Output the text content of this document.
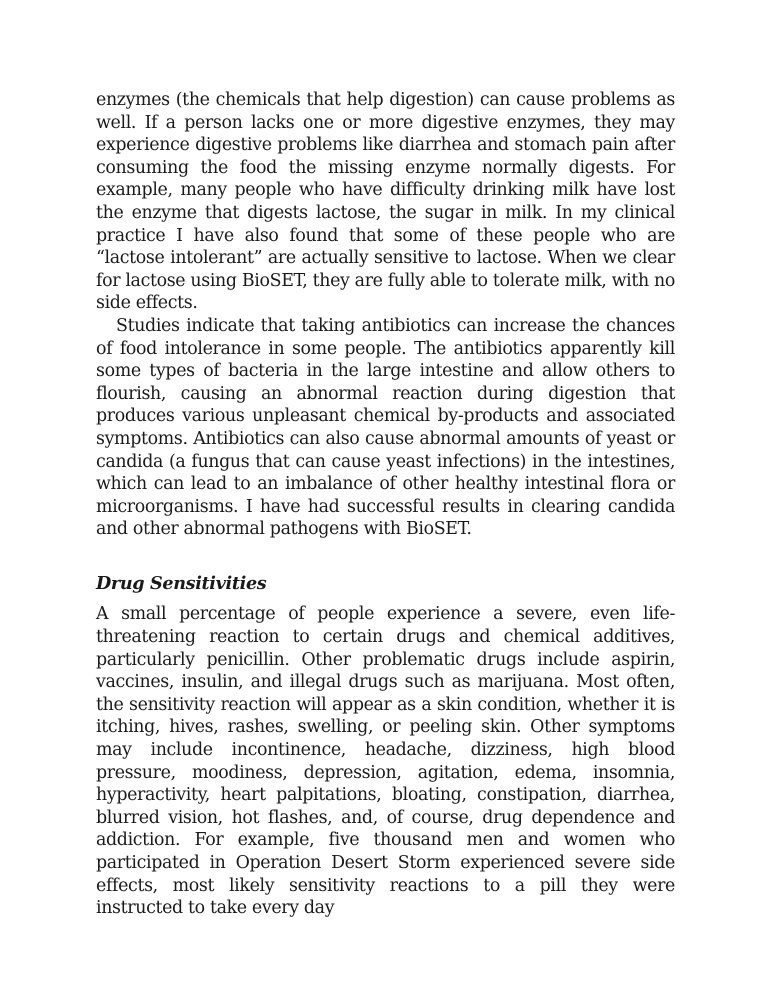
enzymes (the chemicals that help digestion) can cause problems as well. If a person lacks one or more digestive enzymes, they may experience digestive problems like diarrhea and stomach pain after consuming the food the missing enzyme normally digests. For example, many people who have difficulty drinking milk have lost the enzyme that digests lactose, the sugar in milk. In my clinical practice I have also found that some of these people who are “lactose intolerant” are actually sensitive to lactose. When we clear for lactose using BioSET, they are fully able to tolerate milk, with no side effects.

Studies indicate that taking antibiotics can increase the chances of food intolerance in some people. The antibiotics apparently kill some types of bacteria in the large intestine and allow others to flourish, causing an abnormal reaction during digestion that produces various unpleasant chemical by-products and associated symptoms. Antibiotics can also cause abnormal amounts of yeast or candida (a fungus that can cause yeast infections) in the intestines, which can lead to an imbalance of other healthy intestinal flora or microorganisms. I have had successful results in clearing candida and other abnormal pathogens with BioSET.

Drug Sensitivities

A small percentage of people experience a severe, even life-threatening reaction to certain drugs and chemical additives, particularly penicillin. Other problematic drugs include aspirin, vaccines, insulin, and illegal drugs such as marijuana. Most often, the sensitivity reaction will appear as a skin condition, whether it is itching, hives, rashes, swelling, or peeling skin. Other symptoms may include incontinence, headache, dizziness, high blood pressure, moodiness, depression, agitation, edema, insomnia, hyperactivity, heart palpitations, bloating, constipation, diarrhea, blurred vision, hot flashes, and, of course, drug dependence and addiction. For example, five thousand men and women who participated in Operation Desert Storm experienced severe side effects, most likely sensitivity reactions to a pill they were instructed to take every day
